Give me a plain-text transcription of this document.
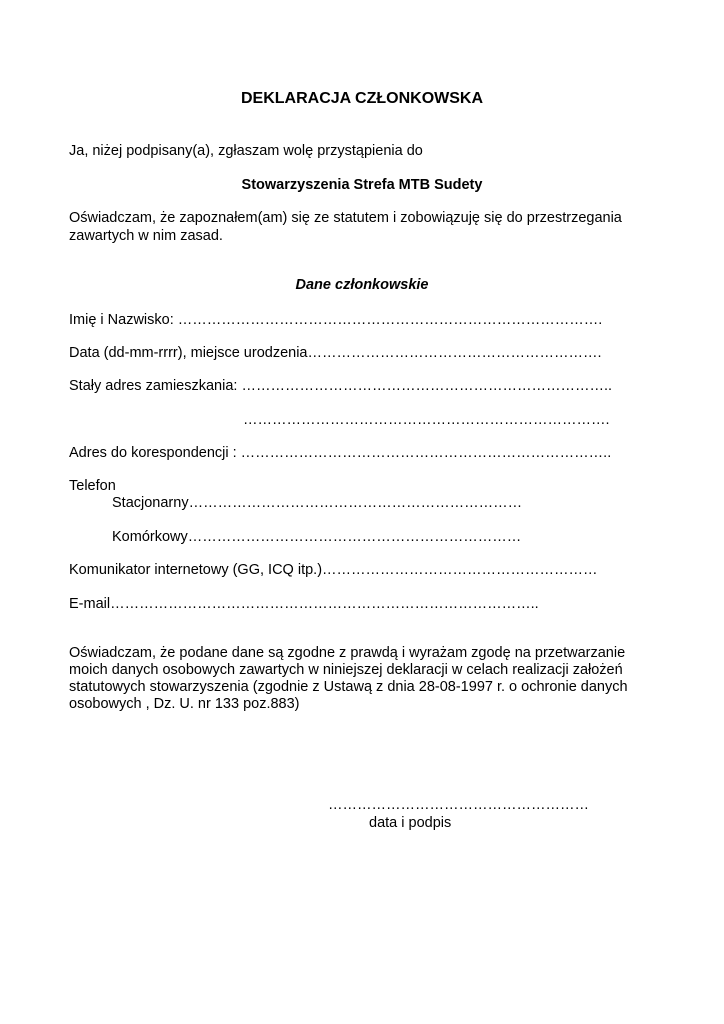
DEKLARACJA CZŁONKOWSKA
Ja, niżej podpisany(a), zgłaszam wolę przystąpienia do
Stowarzyszenia Strefa MTB Sudety
Oświadczam, że zapoznałem(am) się ze statutem i zobowiązuję się do przestrzegania
zawartych w nim zasad.
Dane członkowskie
Imię i Nazwisko: …………………………………………………………………………….
Data (dd-mm-rrrr), miejsce urodzenia…………………………………………………….
Stały adres zamieszkania: …………………………………………………………………..
………………………………………………………………….
Adres do korespondencji : …………………………………………………………………..
Telefon
Stacjonarny……………………………………………………………
Komórkowy……………………………………………………………
Komunikator internetowy (GG, ICQ itp.)…………………………………………………
E-mail……………………………………………………………………………..
Oświadczam, że podane dane są zgodne z prawdą i wyrażam zgodę na przetwarzanie
moich danych osobowych zawartych w niniejszej deklaracji w celach realizacji założeń
statutowych stowarzyszenia (zgodnie z Ustawą z dnia 28-08-1997 r. o ochronie danych
osobowych , Dz. U. nr 133 poz.883)
………………………………………………
data i podpis
